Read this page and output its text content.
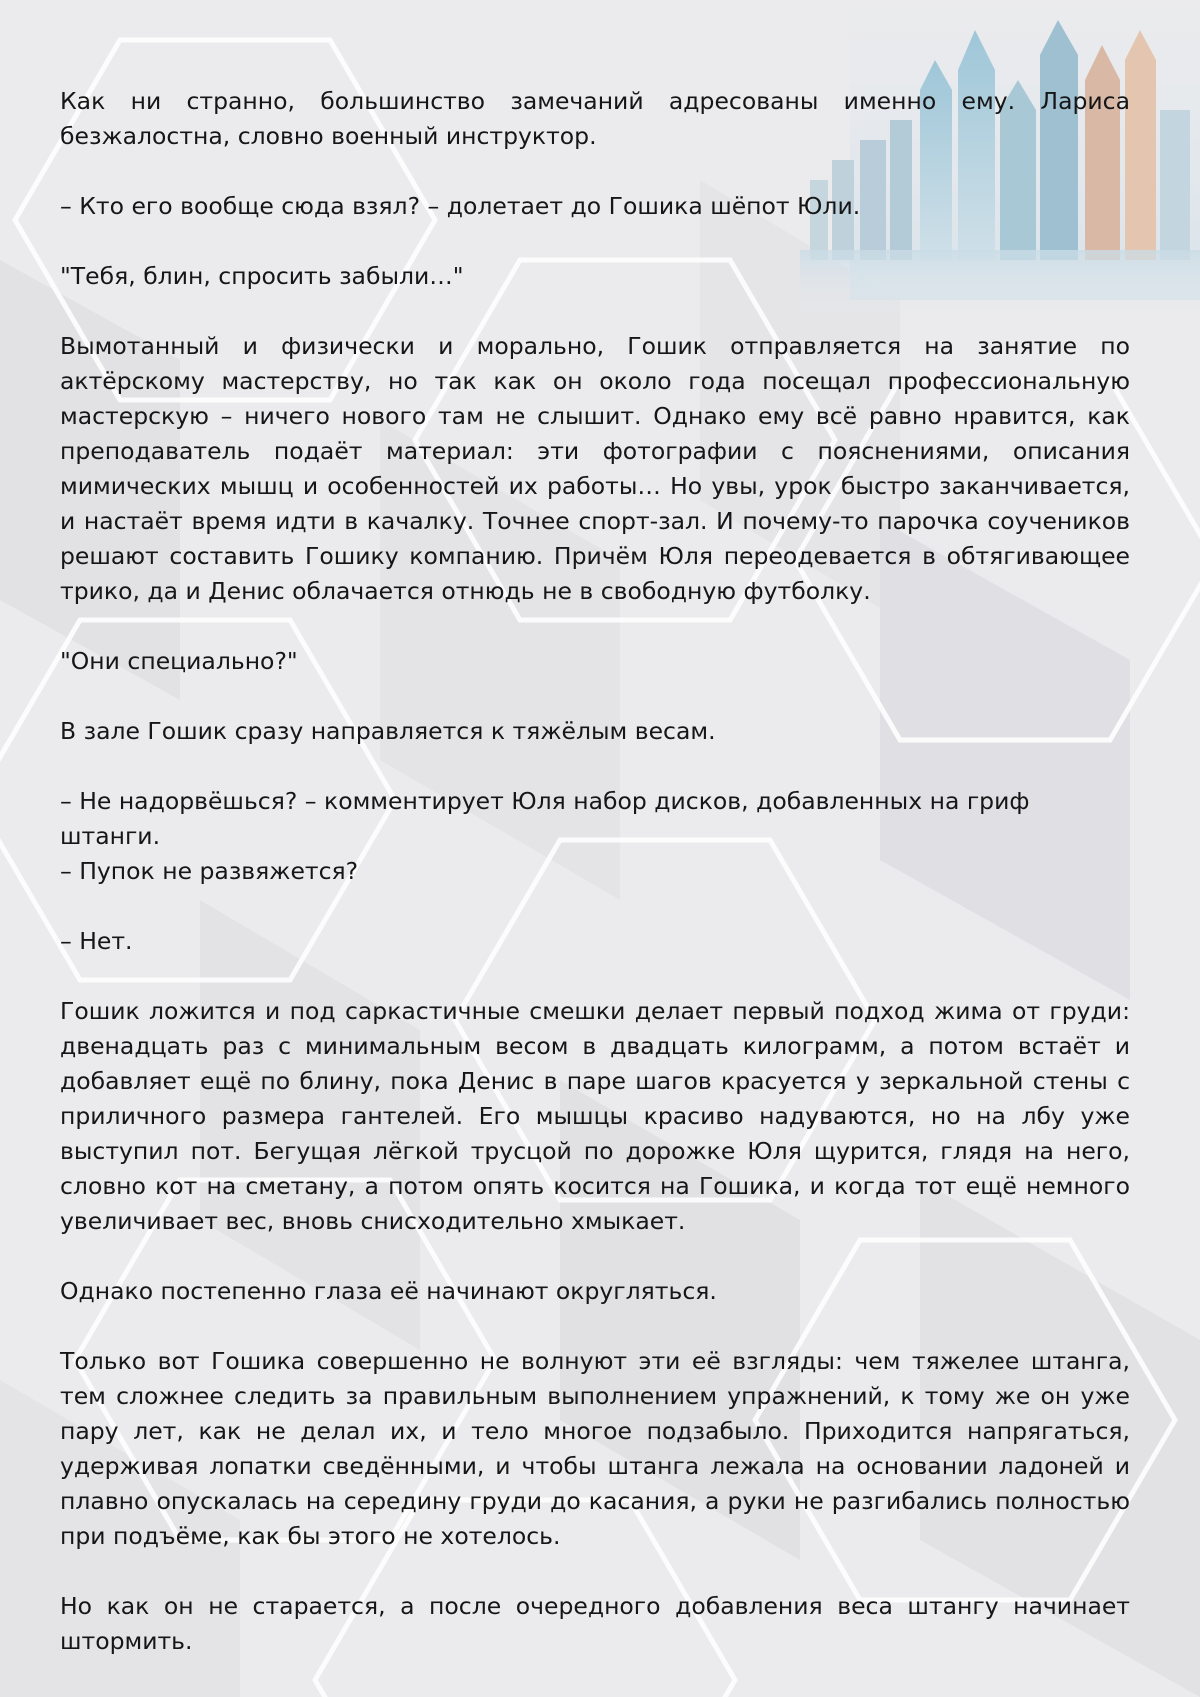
Как ни странно, большинство замечаний адресованы именно ему. Лариса безжалостна, словно военный инструктор.

– Кто его вообще сюда взял? – долетает до Гошика шёпот Юли.

"Тебя, блин, спросить забыли…"

Вымотанный и физически и морально, Гошик отправляется на занятие по актёрскому мастерству, но так как он около года посещал профессиональную мастерскую – ничего нового там не слышит. Однако ему всё равно нравится, как преподаватель подаёт материал: эти фотографии с пояснениями, описания мимических мышц и особенностей их работы… Но увы, урок быстро заканчивается, и настаёт время идти в качалку. Точнее спорт-зал. И почему-то парочка соучеников решают составить Гошику компанию. Причём Юля переодевается в обтягивающее трико, да и Денис облачается отнюдь не в свободную футболку.

"Они специально?"

В зале Гошик сразу направляется к тяжёлым весам.

– Не надорвёшься? – комментирует Юля набор дисков, добавленных на гриф штанги.
– Пупок не развяжется?

– Нет.

Гошик ложится и под саркастичные смешки делает первый подход жима от груди: двенадцать раз с минимальным весом в двадцать килограмм, а потом встаёт и добавляет ещё по блину, пока Денис в паре шагов красуется у зеркальной стены с приличного размера гантелей. Его мышцы красиво надуваются, но на лбу уже выступил пот. Бегущая лёгкой трусцой по дорожке Юля щурится, глядя на него, словно кот на сметану, а потом опять косится на Гошика, и когда тот ещё немного увеличивает вес, вновь снисходительно хмыкает.

Однако постепенно глаза её начинают округляться.

Только вот Гошика совершенно не волнуют эти её взгляды: чем тяжелее штанга, тем сложнее следить за правильным выполнением упражнений, к тому же он уже пару лет, как не делал их, и тело многое подзабыло. Приходится напрягаться, удерживая лопатки сведёнными, и чтобы штанга лежала на основании ладоней и плавно опускалась на середину груди до касания, а руки не разгибались полностью при подъёме, как бы этого не хотелось.

Но как он не старается, а после очередного добавления веса штангу начинает штормить.
